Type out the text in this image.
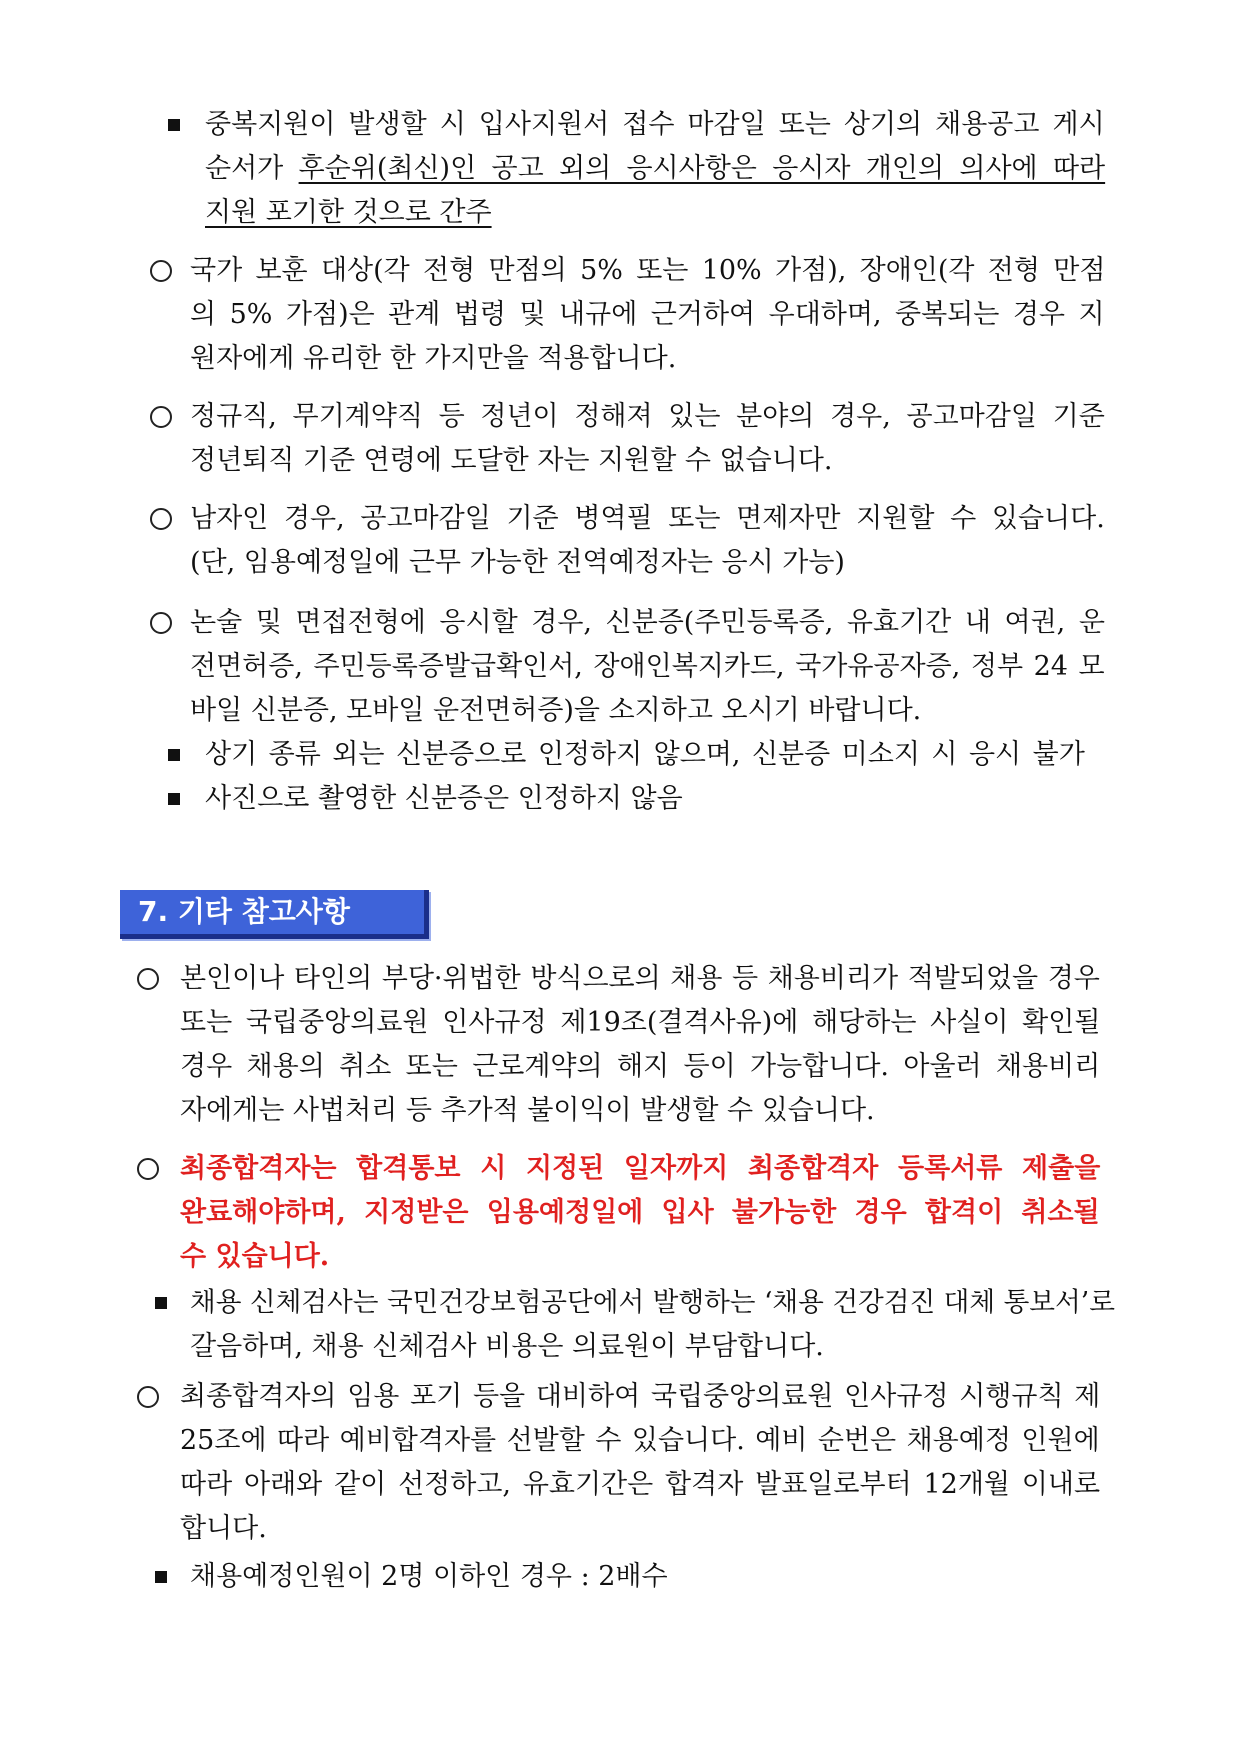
중복지원이 발생할 시 입사지원서 접수 마감일 또는 상기의 채용공고 게시
순서가 후순위(최신)인 공고 외의 응시사항은 응시자 개인의 의사에 따라
지원 포기한 것으로 간주
국가 보훈 대상(각 전형 만점의 5% 또는 10% 가점), 장애인(각 전형 만점
의 5% 가점)은 관계 법령 및 내규에 근거하여 우대하며, 중복되는 경우 지
원자에게 유리한 한 가지만을 적용합니다.
정규직, 무기계약직 등 정년이 정해져 있는 분야의 경우, 공고마감일 기준
정년퇴직 기준 연령에 도달한 자는 지원할 수 없습니다.
남자인 경우, 공고마감일 기준 병역필 또는 면제자만 지원할 수 있습니다.
(단, 임용예정일에 근무 가능한 전역예정자는 응시 가능)
논술 및 면접전형에 응시할 경우, 신분증(주민등록증, 유효기간 내 여권, 운
전면허증, 주민등록증발급확인서, 장애인복지카드, 국가유공자증, 정부 24 모
바일 신분증, 모바일 운전면허증)을 소지하고 오시기 바랍니다.
상기 종류 외는 신분증으로 인정하지 않으며, 신분증 미소지 시 응시 불가
사진으로 촬영한 신분증은 인정하지 않음
본인이나 타인의 부당·위법한 방식으로의 채용 등 채용비리가 적발되었을 경우
또는 국립중앙의료원 인사규정 제19조(결격사유)에 해당하는 사실이 확인될
경우 채용의 취소 또는 근로계약의 해지 등이 가능합니다. 아울러 채용비리
자에게는 사법처리 등 추가적 불이익이 발생할 수 있습니다.
최종합격자는 합격통보 시 지정된 일자까지 최종합격자 등록서류 제출을
완료해야하며, 지정받은 임용예정일에 입사 불가능한 경우 합격이 취소될
수 있습니다.
채용 신체검사는 국민건강보험공단에서 발행하는 ‘채용 건강검진 대체 통보서’로
갈음하며, 채용 신체검사 비용은 의료원이 부담합니다.
최종합격자의 임용 포기 등을 대비하여 국립중앙의료원 인사규정 시행규칙 제
25조에 따라 예비합격자를 선발할 수 있습니다. 예비 순번은 채용예정 인원에
따라 아래와 같이 선정하고, 유효기간은 합격자 발표일로부터 12개월 이내로
합니다.
채용예정인원이 2명 이하인 경우 : 2배수
7. 기타 참고사항
